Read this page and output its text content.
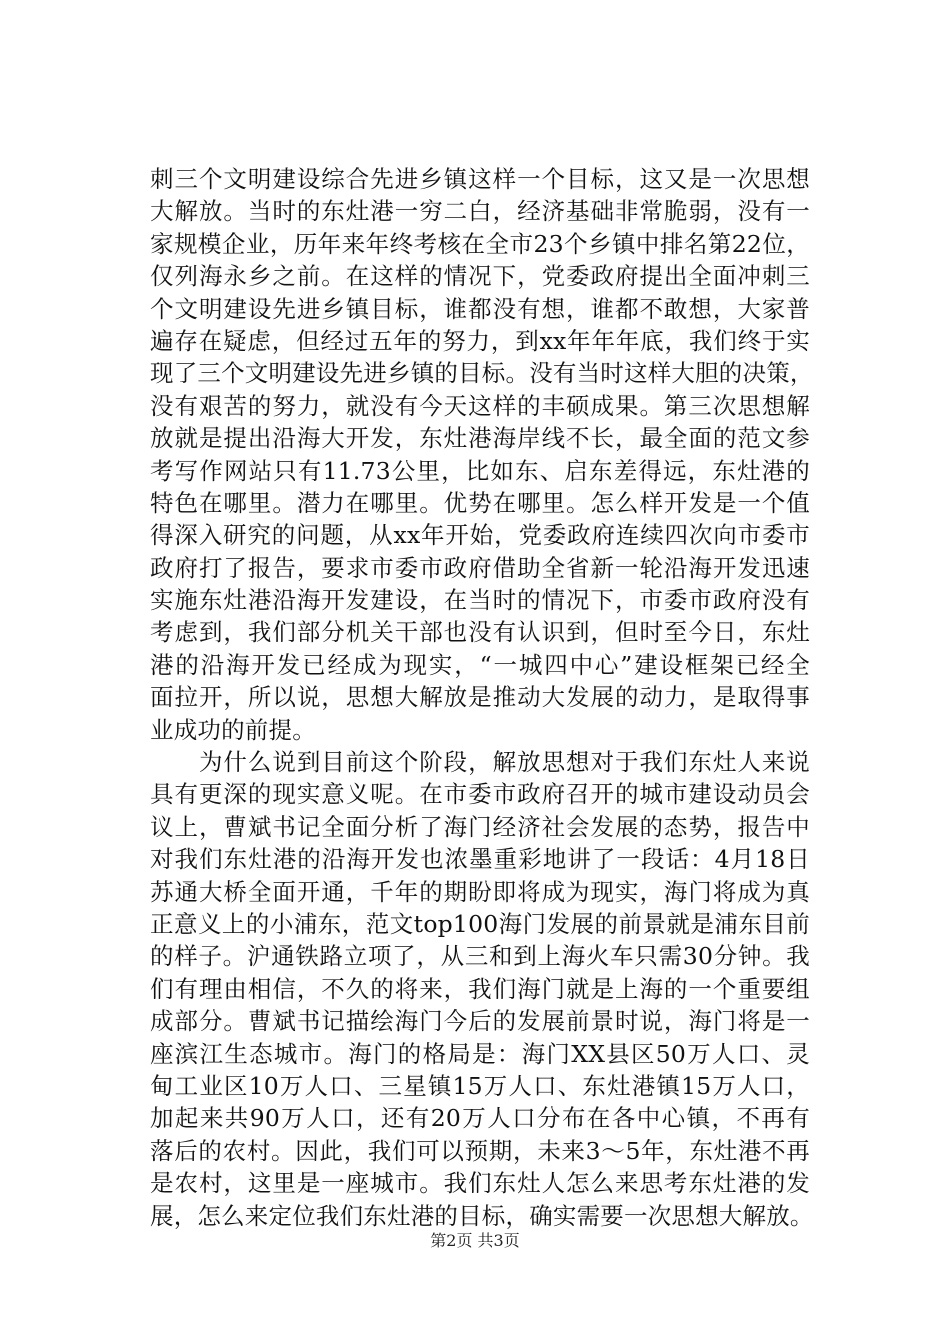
刺三个文明建设综合先进乡镇这样一个目标，这又是一次思想
大解放。当时的东灶港一穷二白，经济基础非常脆弱，没有一
家规模企业，历年来年终考核在全市23个乡镇中排名第22位，
仅列海永乡之前。在这样的情况下，党委政府提出全面冲刺三
个文明建设先进乡镇目标，谁都没有想，谁都不敢想，大家普
遍存在疑虑，但经过五年的努力，到xx年年年底，我们终于实
现了三个文明建设先进乡镇的目标。没有当时这样大胆的决策，
没有艰苦的努力，就没有今天这样的丰硕成果。第三次思想解
放就是提出沿海大开发，东灶港海岸线不长，最全面的范文参
考写作网站只有11.73公里，比如东、启东差得远，东灶港的
特色在哪里。潜力在哪里。优势在哪里。怎么样开发是一个值
得深入研究的问题，从xx年开始，党委政府连续四次向市委市
政府打了报告，要求市委市政府借助全省新一轮沿海开发迅速
实施东灶港沿海开发建设，在当时的情况下，市委市政府没有
考虑到，我们部分机关干部也没有认识到，但时至今日，东灶
港的沿海开发已经成为现实，“一城四中心”建设框架已经全
面拉开，所以说，思想大解放是推动大发展的动力，是取得事
业成功的前提。
　　为什么说到目前这个阶段，解放思想对于我们东灶人来说
具有更深的现实意义呢。在市委市政府召开的城市建设动员会
议上，曹斌书记全面分析了海门经济社会发展的态势，报告中
对我们东灶港的沿海开发也浓墨重彩地讲了一段话：4月18日
苏通大桥全面开通，千年的期盼即将成为现实，海门将成为真
正意义上的小浦东，范文top100海门发展的前景就是浦东目前
的样子。沪通铁路立项了，从三和到上海火车只需30分钟。我
们有理由相信，不久的将来，我们海门就是上海的一个重要组
成部分。曹斌书记描绘海门今后的发展前景时说，海门将是一
座滨江生态城市。海门的格局是：海门XX县区50万人口、灵
甸工业区10万人口、三星镇15万人口、东灶港镇15万人口，
加起来共90万人口，还有20万人口分布在各中心镇，不再有
落后的农村。因此，我们可以预期，未来3～5年，东灶港不再
是农村，这里是一座城市。我们东灶人怎么来思考东灶港的发
展，怎么来定位我们东灶港的目标，确实需要一次思想大解放。
第2页 共3页
